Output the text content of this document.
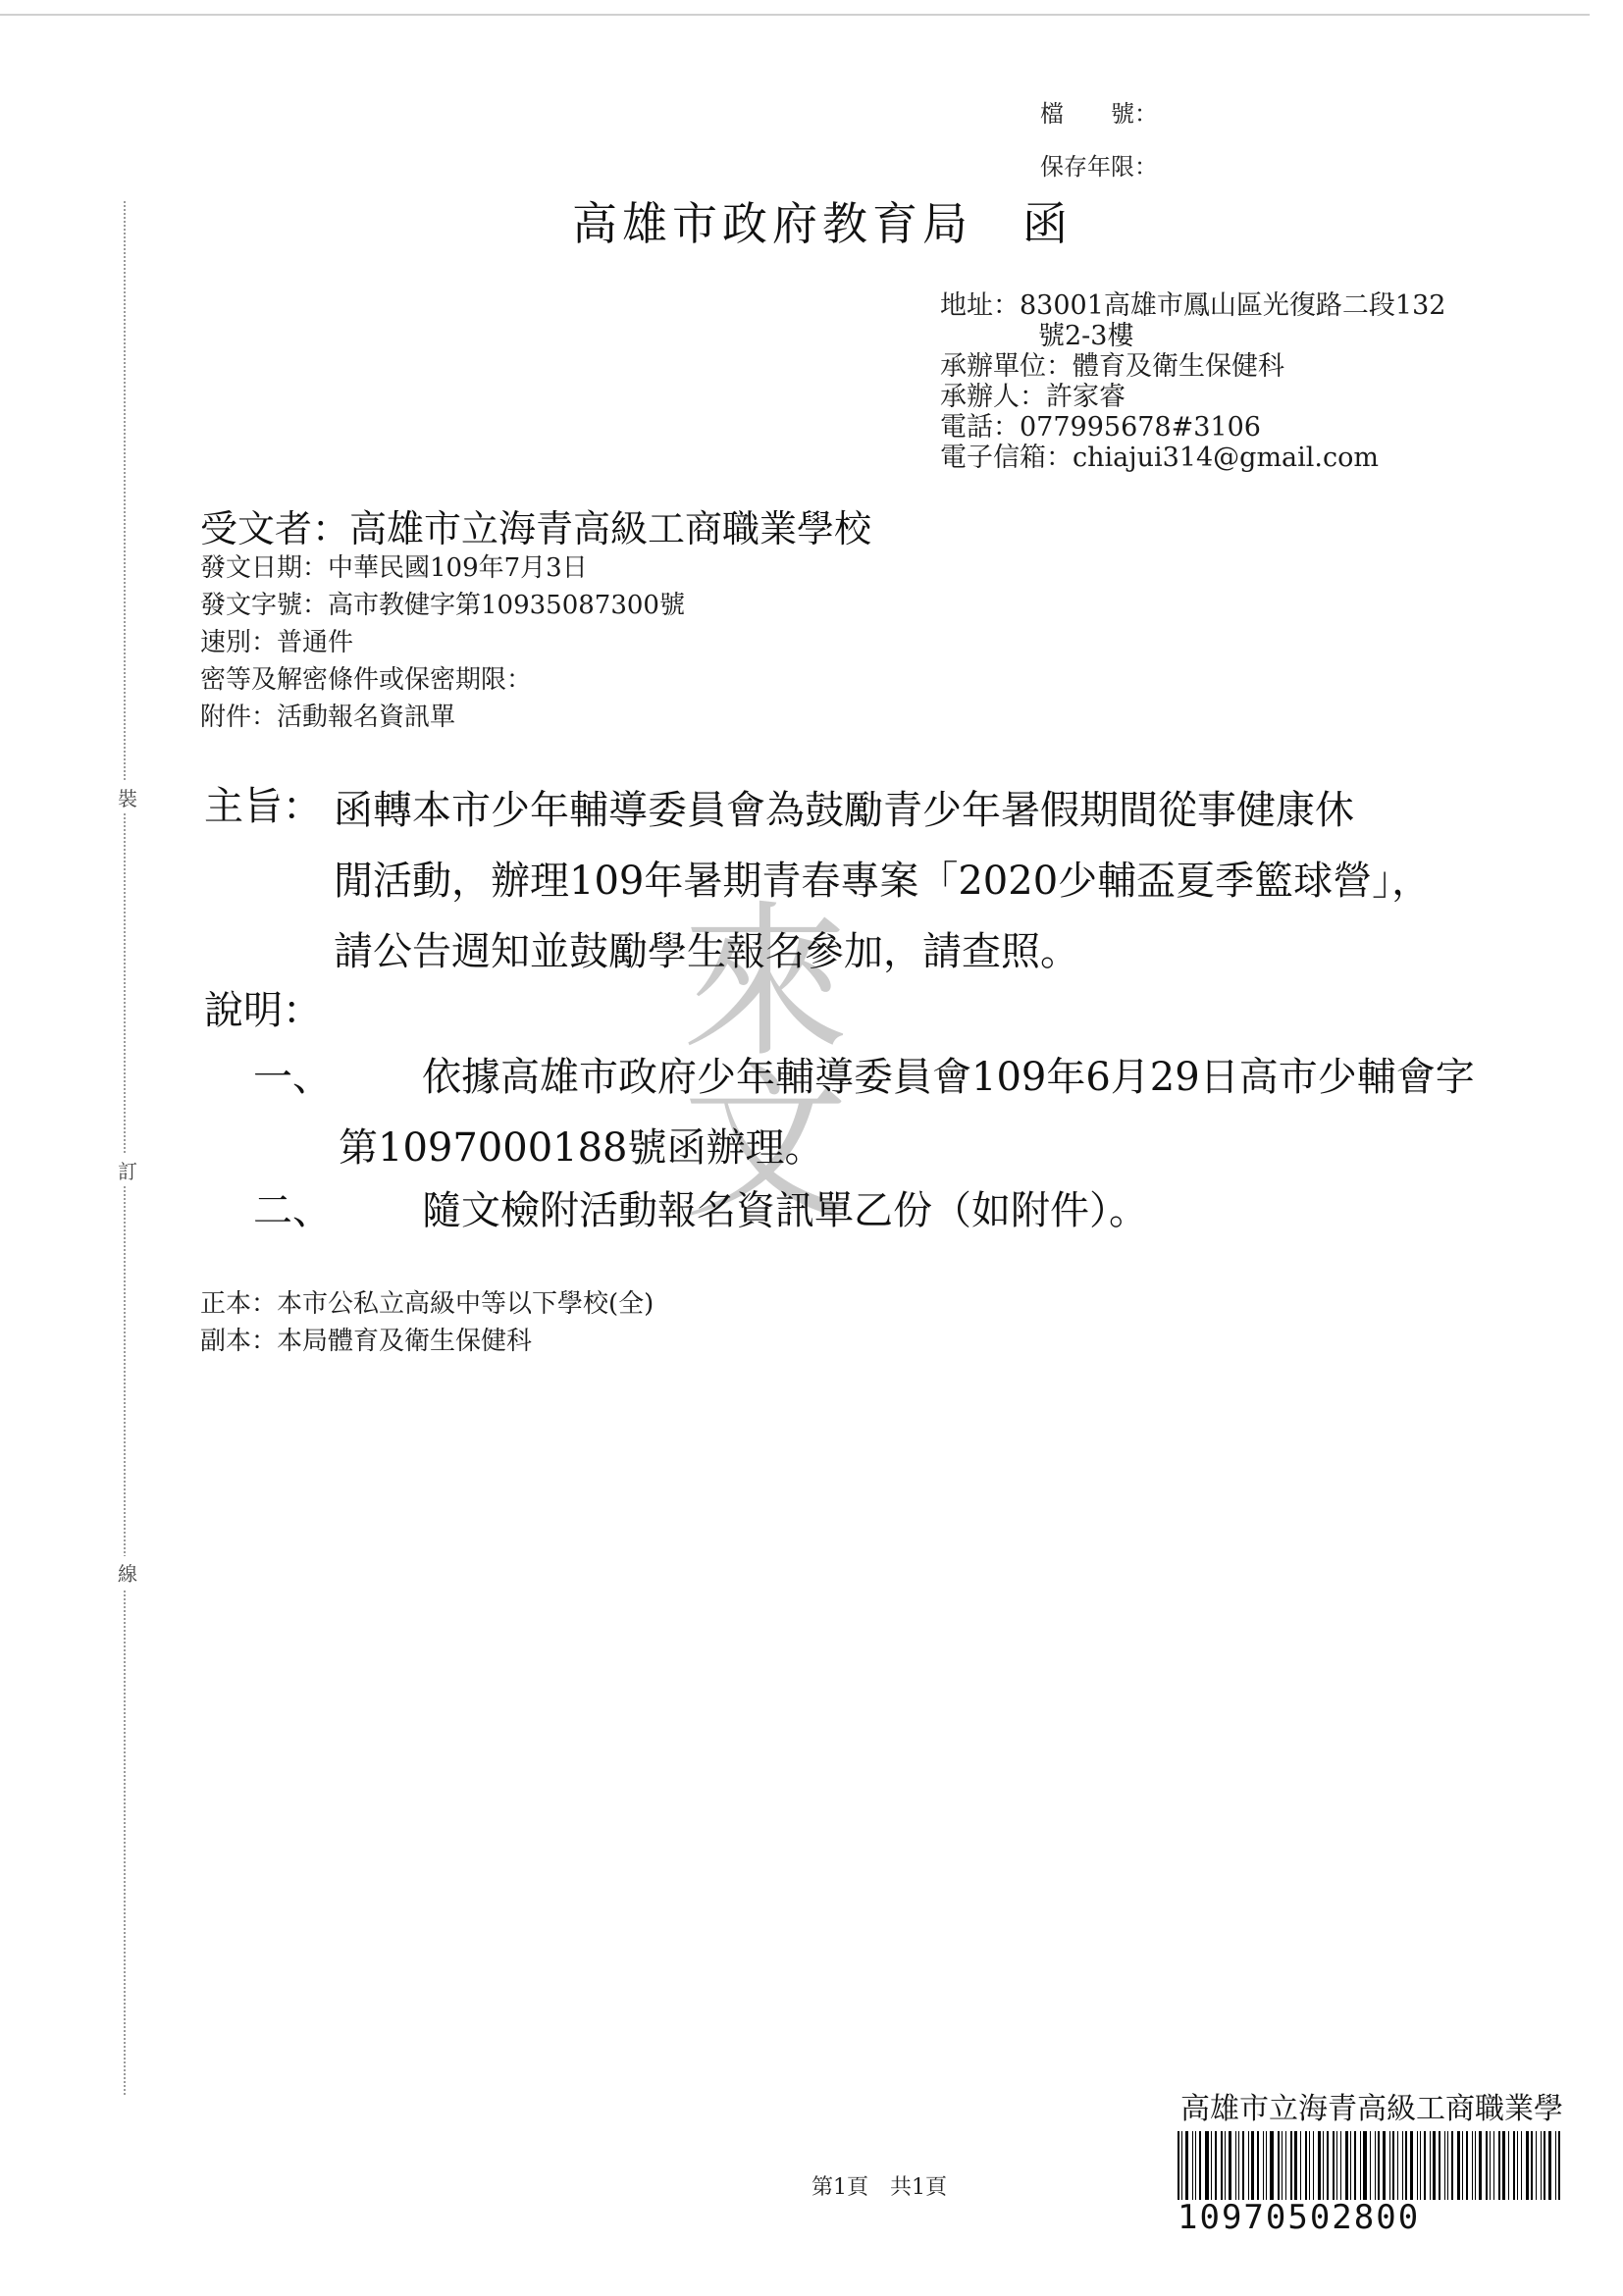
裝
訂
線
檔　　號：
保存年限：
高雄市政府教育局　函
地址：83001高雄市鳳山區光復路二段132
號2-3樓
承辦單位：體育及衛生保健科
承辦人：許家睿
電話：077995678#3106
電子信箱：chiajui314@gmail.com
受文者：高雄市立海青高級工商職業學校
發文日期：中華民國109年7月3日
發文字號：高市教健字第10935087300號
速別：普通件
密等及解密條件或保密期限：
附件：活動報名資訊單
來
文
主旨： 函轉本市少年輔導委員會為鼓勵青少年暑假期間從事健康休
閒活動，辦理109年暑期青春專案「2020少輔盃夏季籃球營」，
請公告週知並鼓勵學生報名參加，請查照。
說明：
一、 依據高雄市政府少年輔導委員會109年6月29日高市少輔會字
第1097000188號函辦理。
二、 隨文檢附活動報名資訊單乙份（如附件）。
正本：本市公私立高級中等以下學校(全)
副本：本局體育及衛生保健科
第1頁　共1頁
高雄市立海青高級工商職業學
10970502800
